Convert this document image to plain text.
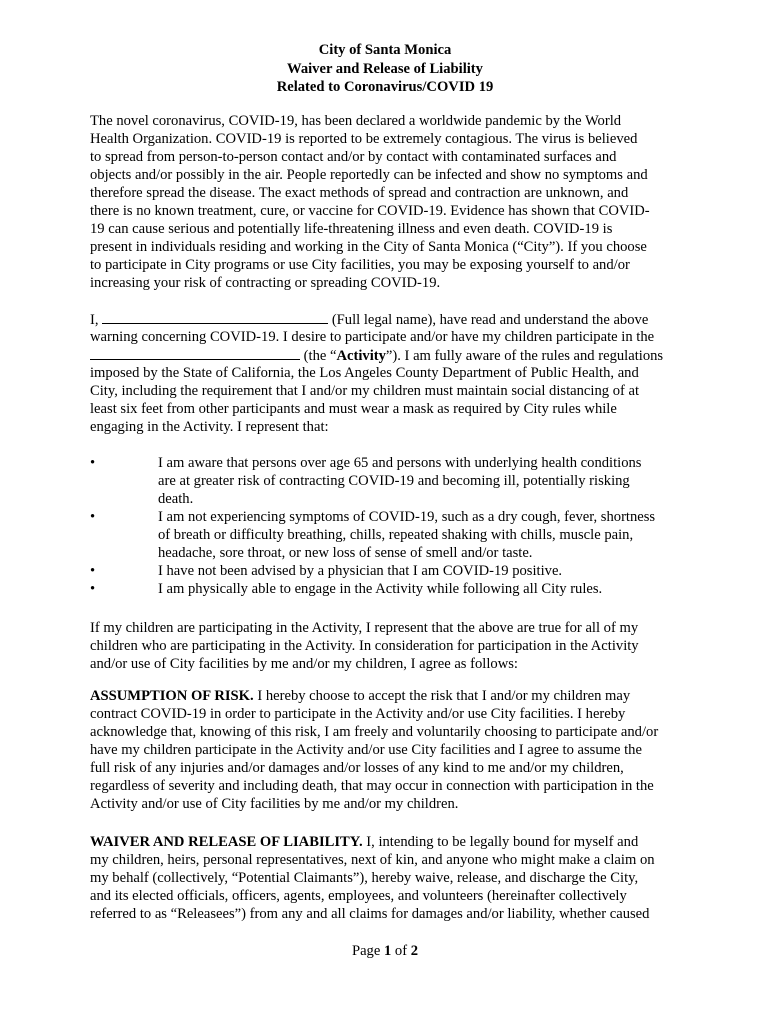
City of Santa Monica
Waiver and Release of Liability
Related to Coronavirus/COVID 19
The novel coronavirus, COVID-19, has been declared a worldwide pandemic by the World
Health Organization. COVID-19 is reported to be extremely contagious. The virus is believed
to spread from person-to-person contact and/or by contact with contaminated surfaces and
objects and/or possibly in the air. People reportedly can be infected and show no symptoms and
therefore spread the disease. The exact methods of spread and contraction are unknown, and
there is no known treatment, cure, or vaccine for COVID-19. Evidence has shown that COVID-
19 can cause serious and potentially life-threatening illness and even death. COVID-19 is
present in individuals residing and working in the City of Santa Monica (“City”). If you choose
to participate in City programs or use City facilities, you may be exposing yourself to and/or
increasing your risk of contracting or spreading COVID-19.
I,	(Full legal name), have read and understand the above
warning concerning COVID-19. I desire to participate and/or have my children participate in the
(the “Activity”). I am fully aware of the rules and regulations
imposed by the State of California, the Los Angeles County Department of Public Health, and
City, including the requirement that I and/or my children must maintain social distancing of at
least six feet from other participants and must wear a mask as required by City rules while
engaging in the Activity. I represent that:
•	I am aware that persons over age 65 and persons with underlying health conditions
are at greater risk of contracting COVID-19 and becoming ill, potentially risking
death.
•	I am not experiencing symptoms of COVID-19, such as a dry cough, fever, shortness
of breath or difficulty breathing, chills, repeated shaking with chills, muscle pain,
headache, sore throat, or new loss of sense of smell and/or taste.
•	I have not been advised by a physician that I am COVID-19 positive.
•	I am physically able to engage in the Activity while following all City rules.
If my children are participating in the Activity, I represent that the above are true for all of my
children who are participating in the Activity. In consideration for participation in the Activity
and/or use of City facilities by me and/or my children, I agree as follows:
ASSUMPTION OF RISK. I hereby choose to accept the risk that I and/or my children may
contract COVID-19 in order to participate in the Activity and/or use City facilities. I hereby
acknowledge that, knowing of this risk, I am freely and voluntarily choosing to participate and/or
have my children participate in the Activity and/or use City facilities and I agree to assume the
full risk of any injuries and/or damages and/or losses of any kind to me and/or my children,
regardless of severity and including death, that may occur in connection with participation in the
Activity and/or use of City facilities by me and/or my children.
WAIVER AND RELEASE OF LIABILITY. I, intending to be legally bound for myself and
my children, heirs, personal representatives, next of kin, and anyone who might make a claim on
my behalf (collectively, “Potential Claimants”), hereby waive, release, and discharge the City,
and its elected officials, officers, agents, employees, and volunteers (hereinafter collectively
referred to as “Releasees”) from any and all claims for damages and/or liability, whether caused
Page 1 of 2
